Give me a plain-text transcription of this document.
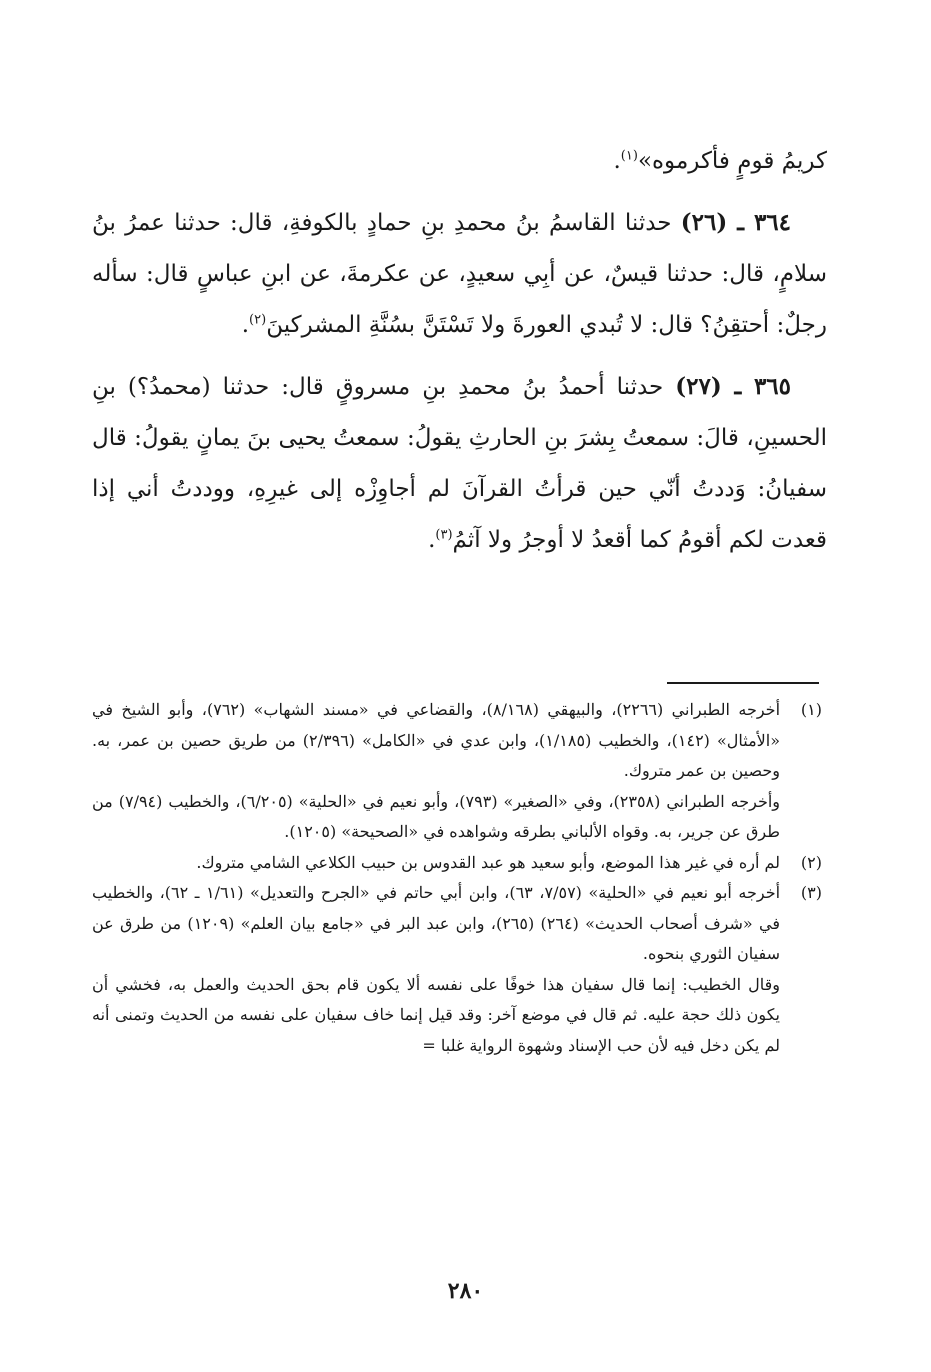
كريمُ قومٍ فأكرموه»$^{(١)}$.

٣٦٤ ـ (٢٦) حدثنا القاسمُ بنُ محمدِ بنِ حمادٍ بالكوفةِ، قال: حدثنا عمرُ بنُ سلامٍ، قال: حدثنا قيسٌ، عن أبِي سعيدٍ، عن عكرمةَ، عن ابنِ عباسٍ قال: سأله رجلٌ: أحتقِنُ؟ قال: لا تُبدي العورةَ ولا تَسْتَنَّ بسُنَّةِ المشركينَ$^{(٢)}$.

٣٦٥ ـ (٢٧) حدثنا أحمدُ بنُ محمدِ بنِ مسروقٍ قال: حدثنا (محمدُ؟) بنِ الحسينِ، قالَ: سمعتُ بِشرَ بنِ الحارثِ يقولُ: سمعتُ يحيى بنَ يمانٍ يقولُ: قال سفيانُ: وَددتُ أنّي حين قرأتُ القرآنَ لم أجاوِزْه إلى غيرِهِ، ووددتُ أني إذا قعدت لكم أقومُ كما أقعدُ لا أوجرُ ولا آثمُ$^{(٣)}$.

(١)

أخرجه الطبراني (٢٢٦٦)، والبيهقي (٨/١٦٨)، والقضاعي في «مسند الشهاب» (٧٦٢)، وأبو الشيخ في «الأمثال» (١٤٢)، والخطيب (١/١٨٥)، وابن عدي في «الكامل» (٢/٣٩٦) من طريق حصين بن عمر، به. وحصين بن عمر متروك.

وأخرجه الطبراني (٢٣٥٨)، وفي «الصغير» (٧٩٣)، وأبو نعيم في «الحلية» (٦/٢٠٥)، والخطيب (٧/٩٤) من طرق عن جرير، به. وقواه الألباني بطرقه وشواهده في «الصحيحة» (١٢٠٥).

(٢)

لم أره في غير هذا الموضع، وأبو سعيد هو عبد القدوس بن حبيب الكلاعي الشامي متروك.

(٣)

أخرجه أبو نعيم في «الحلية» (٧/٥٧، ٦٣)، وابن أبي حاتم في «الجرح والتعديل» (١/٦١ ـ ٦٢)، والخطيب في «شرف أصحاب الحديث» (٢٦٤) (٢٦٥)، وابن عبد البر في «جامع بيان العلم» (١٢٠٩) من طرق عن سفيان الثوري بنحوه.

وقال الخطيب: إنما قال سفيان هذا خوفًا على نفسه ألا يكون قام بحق الحديث والعمل به، فخشي أن يكون ذلك حجة عليه. ثم قال في موضع آخر: وقد قيل إنما خاف سفيان على نفسه من الحديث وتمنى أنه لم يكن دخل فيه لأن حب الإسناد وشهوة الرواية غلبا =

٢٨٠
